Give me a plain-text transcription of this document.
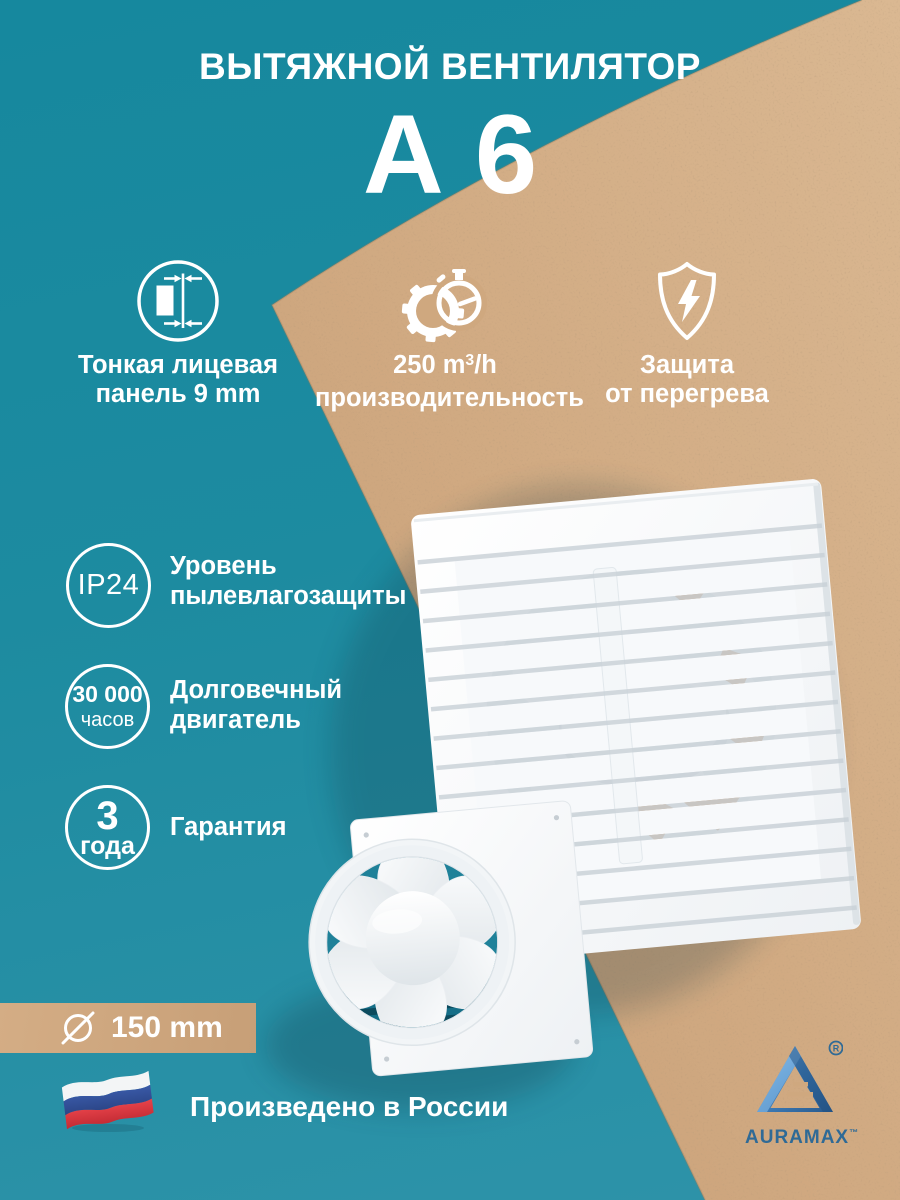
ВЫТЯЖНОЙ ВЕНТИЛЯТОР
А 6
Тонкая лицевая
панель 9 mm
250 $m^3/h$
производительность
Защита
от перегрева
IP24
Уровень
пылевлагозащиты
30 000
часов
Долговечный
двигатель
3
года
Гарантия
150 mm
Произведено в России
R
AURAMAX™
